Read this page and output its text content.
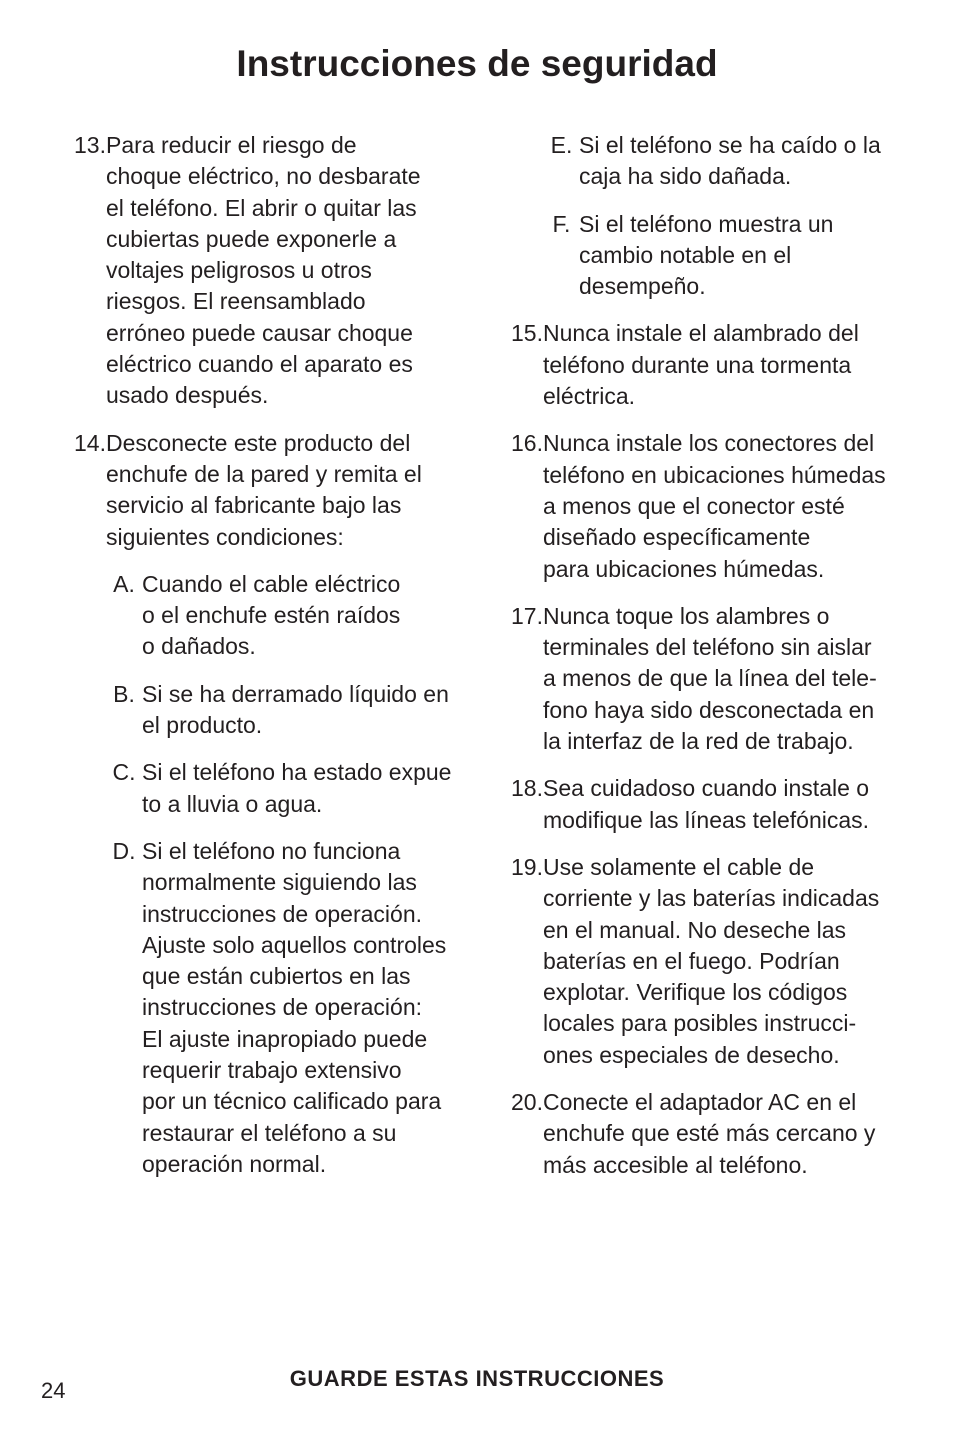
Instrucciones de seguridad
13. Para reducir el riesgo de
choque eléctrico, no desbarate
el teléfono. El abrir o quitar las
cubiertas puede exponerle a
voltajes peligrosos u otros
riesgos. El reensamblado
erróneo puede causar choque
eléctrico cuando el aparato es
usado después.
14. Desconecte este producto del
enchufe de la pared y remita el
servicio al fabricante bajo las
siguientes condiciones:
A. Cuando el cable eléctrico
o el enchufe estén raídos
o dañados.
B. Si se ha derramado líquido en
el producto.
C. Si el teléfono ha estado expue
to a lluvia o agua.
D. Si el teléfono no funciona
normalmente siguiendo las
instrucciones de operación.
Ajuste solo aquellos controles
que están cubiertos en las
instrucciones de operación:
El ajuste inapropiado puede
requerir trabajo extensivo
por un técnico calificado para
restaurar el teléfono a su
operación normal.
E. Si el teléfono se ha caído o la
caja ha sido dañada.
F. Si el teléfono muestra un
cambio notable en el
desempeño.
15. Nunca instale el alambrado del
teléfono durante una tormenta
eléctrica.
16. Nunca instale los conectores del
teléfono en ubicaciones húmedas
a menos que el conector esté
diseñado específicamente
para ubicaciones húmedas.
17. Nunca toque los alambres o
terminales del teléfono sin aislar
a menos de que la línea del tele-
fono haya sido desconectada en
la interfaz de la red de trabajo.
18. Sea cuidadoso cuando instale o
modifique las líneas telefónicas.
19. Use solamente el cable de
corriente y las baterías indicadas
en el manual. No deseche las
baterías en el fuego. Podrían
explotar. Verifique los códigos
locales para posibles instrucci-
ones especiales de desecho.
20. Conecte el adaptador AC en el
enchufe que esté más cercano y
más accesible al teléfono.
GUARDE ESTAS INSTRUCCIONES
24
